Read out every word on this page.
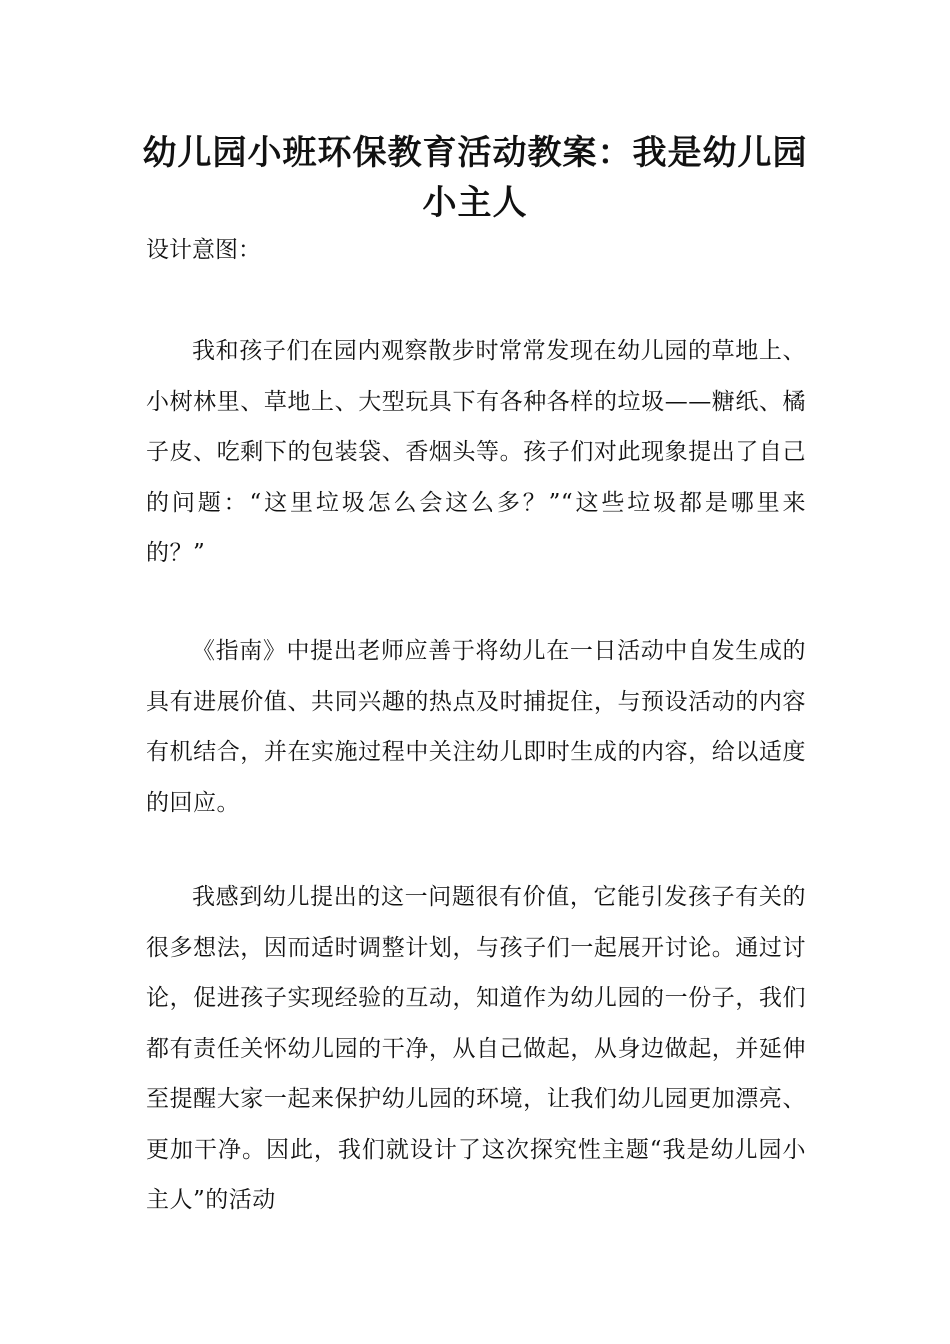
幼儿园小班环保教育活动教案：我是幼儿园小主人

设计意图：

我和孩子们在园内观察散步时常常发现在幼儿园的草地上、小树林里、草地上、大型玩具下有各种各样的垃圾——糖纸、橘子皮、吃剩下的包装袋、香烟头等。孩子们对此现象提出了自己的问题：“这里垃圾怎么会这么多？”“这些垃圾都是哪里来的？”

《指南》中提出老师应善于将幼儿在一日活动中自发生成的具有进展价值、共同兴趣的热点及时捕捉住，与预设活动的内容有机结合，并在实施过程中关注幼儿即时生成的内容，给以适度的回应。

我感到幼儿提出的这一问题很有价值，它能引发孩子有关的很多想法，因而适时调整计划，与孩子们一起展开讨论。通过讨论，促进孩子实现经验的互动，知道作为幼儿园的一份子，我们都有责任关怀幼儿园的干净，从自己做起，从身边做起，并延伸至提醒大家一起来保护幼儿园的环境，让我们幼儿园更加漂亮、更加干净。因此，我们就设计了这次探究性主题“我是幼儿园小主人”的活动
